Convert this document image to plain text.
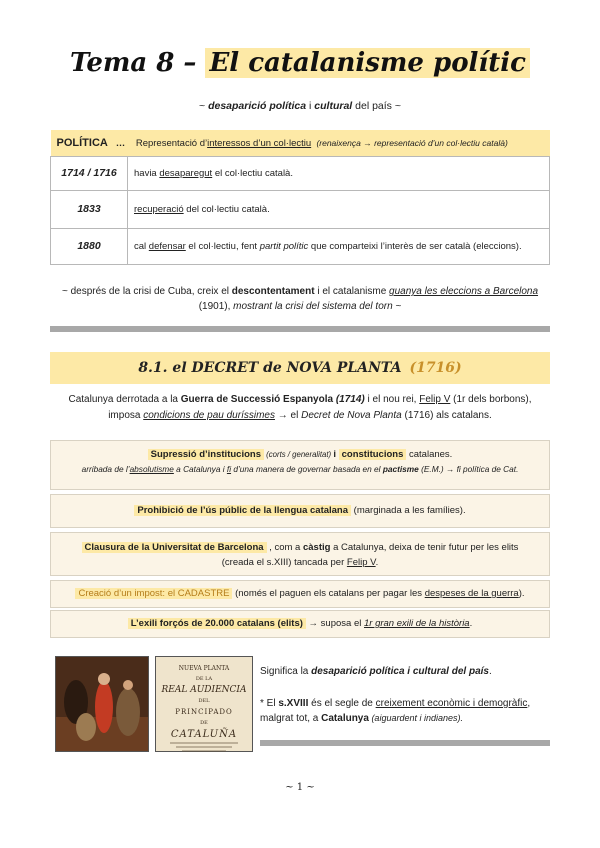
Tema 8 – El catalanisme polític
~ desaparició política i cultural del país ~
POLÍTICA … Representació d’interessos d’un col·lectiu (renaixença → representació d’un col·lectiu català)	
1714 / 1716	havia desaparegut el col·lectiu català.
1833	recuperació del col·lectiu català.
1880	cal defensar el col·lectiu, fent partit polític que comparteixi l’interès de ser català (eleccions).
~ després de la crisi de Cuba, creix el descontentament i el catalanisme guanya les eleccions a Barcelona
(1901), mostrant la crisi del sistema del torn ~
8.1. el DECRET de NOVA PLANTA (1716)
Catalunya derrotada a la Guerra de Successió Espanyola (1714) i el nou rei, Felip V (1r dels borbons),
imposa condicions de pau duríssimes → el Decret de Nova Planta (1716) als catalans.
Supressió d’institucions (corts / generalitat) i constitucions catalanes.
arribada de l’absolutisme a Catalunya i fi d’una manera de governar basada en el pactisme (E.M.) → fi política de Cat.
Prohibició de l’ús públic de la llengua catalana (marginada a les famílies).
Clausura de la Universitat de Barcelona , com a càstig a Catalunya, deixa de tenir futur per les elits
(creada el s.XIII) tancada per Felip V.
Creació d’un impost: el CADASTRE (només el paguen els catalans per pagar les despeses de la guerra).
L’exili forçós de 20.000 catalans (elits) → suposa el 1r gran exili de la història.
NUEVA PLANTA
DE LA
REAL AUDIENCIA
DEL
PRINCIPADO
DE
CATALUÑA
Significa la desaparició política i cultural del país.
* El s.XVIII és el segle de creixement econòmic i demogràfic,
malgrat tot, a Catalunya (aiguardent i indianes).
~ 1 ~
